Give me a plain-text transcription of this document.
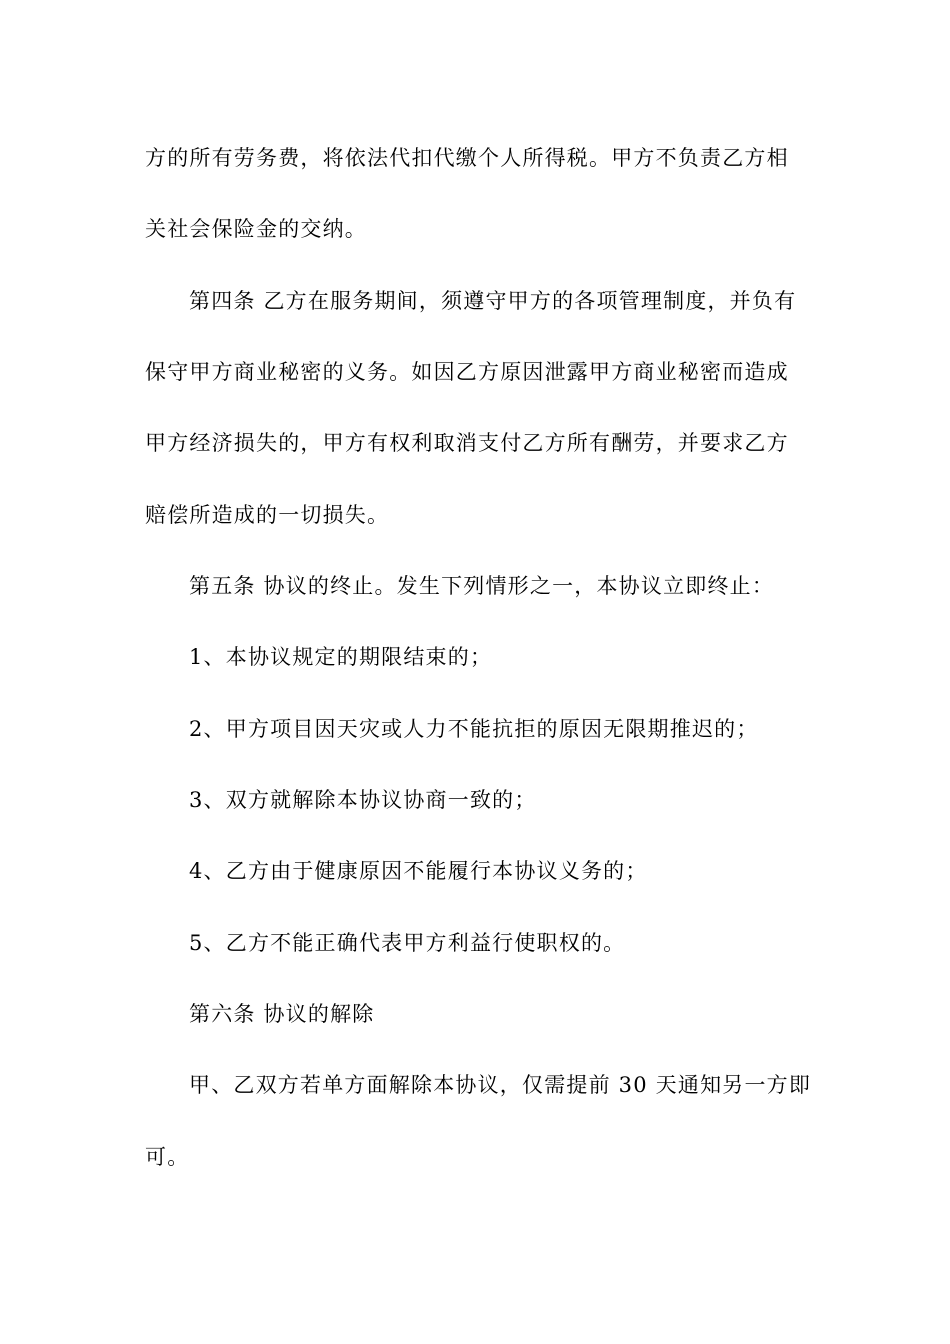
方的所有劳务费，将依法代扣代缴个人所得税。甲方不负责乙方相
关社会保险金的交纳。
第四条 乙方在服务期间，须遵守甲方的各项管理制度，并负有
保守甲方商业秘密的义务。如因乙方原因泄露甲方商业秘密而造成
甲方经济损失的，甲方有权利取消支付乙方所有酬劳，并要求乙方
赔偿所造成的一切损失。
第五条 协议的终止。发生下列情形之一，本协议立即终止：
1、本协议规定的期限结束的；
2、甲方项目因天灾或人力不能抗拒的原因无限期推迟的；
3、双方就解除本协议协商一致的；
4、乙方由于健康原因不能履行本协议义务的；
5、乙方不能正确代表甲方利益行使职权的。
第六条 协议的解除
甲、乙双方若单方面解除本协议，仅需提前 30 天通知另一方即
可。
